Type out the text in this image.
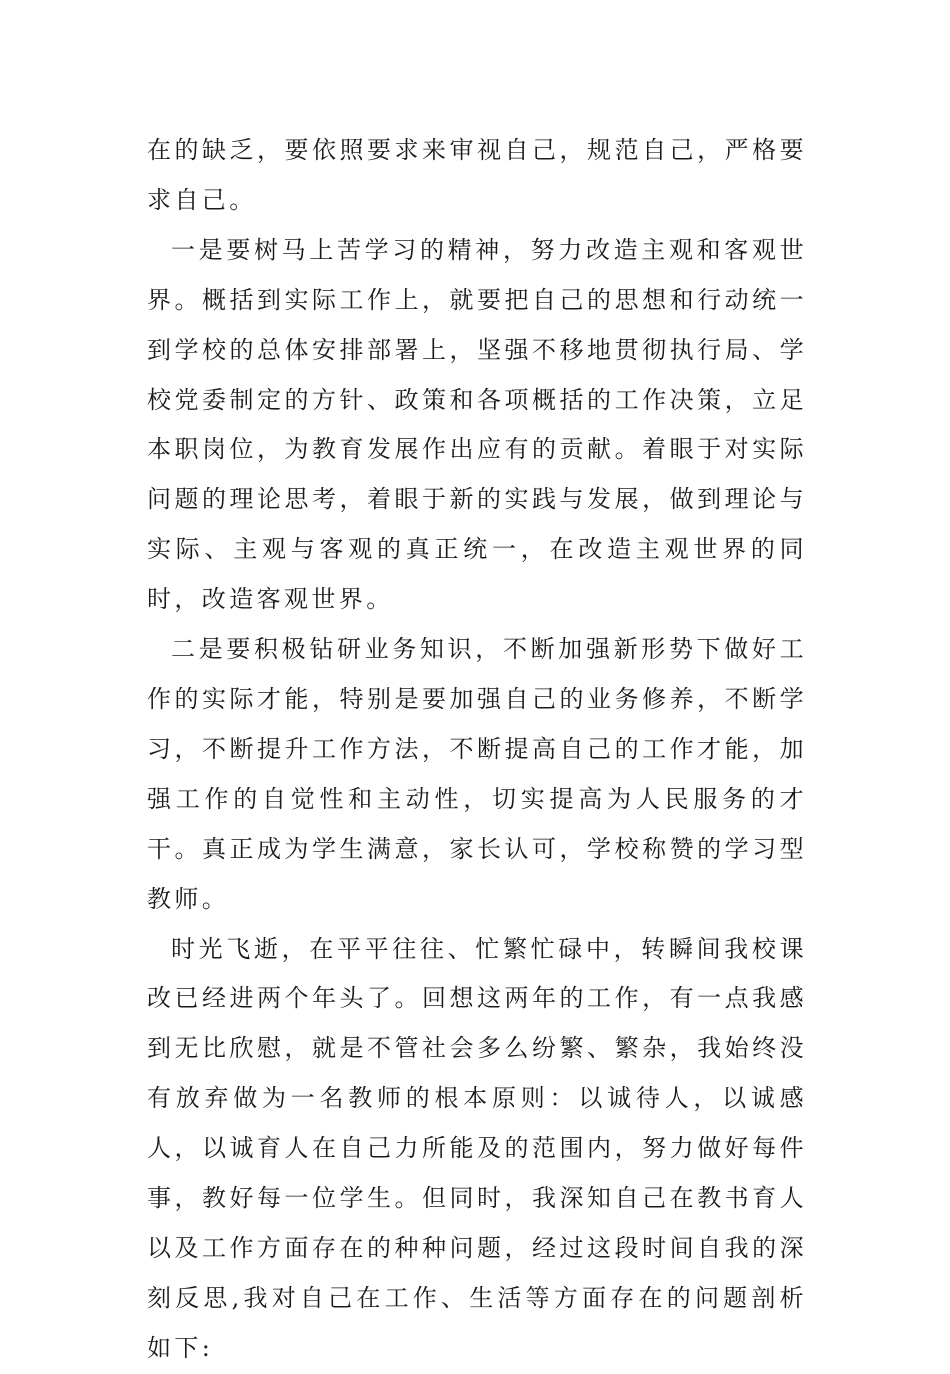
在的缺乏，要依照要求来审视自己，规范自己，严格要求自己。

一是要树马上苦学习的精神，努力改造主观和客观世界。概括到实际工作上，就要把自己的思想和行动统一到学校的总体安排部署上，坚强不移地贯彻执行局、学校党委制定的方针、政策和各项概括的工作决策，立足本职岗位，为教育发展作出应有的贡献。着眼于对实际问题的理论思考，着眼于新的实践与发展，做到理论与实际、主观与客观的真正统一，在改造主观世界的同时，改造客观世界。

二是要积极钻研业务知识，不断加强新形势下做好工作的实际才能，特别是要加强自己的业务修养，不断学习，不断提升工作方法，不断提高自己的工作才能，加强工作的自觉性和主动性，切实提高为人民服务的才干。真正成为学生满意，家长认可，学校称赞的学习型教师。

时光飞逝，在平平往往、忙繁忙碌中，转瞬间我校课改已经进两个年头了。回想这两年的工作，有一点我感到无比欣慰，就是不管社会多么纷繁、繁杂，我始终没有放弃做为一名教师的根本原则：以诚待人，以诚感人，以诚育人在自己力所能及的范围内，努力做好每件事，教好每一位学生。但同时，我深知自己在教书育人以及工作方面存在的种种问题，经过这段时间自我的深刻反思,我对自己在工作、生活等方面存在的问题剖析如下:
